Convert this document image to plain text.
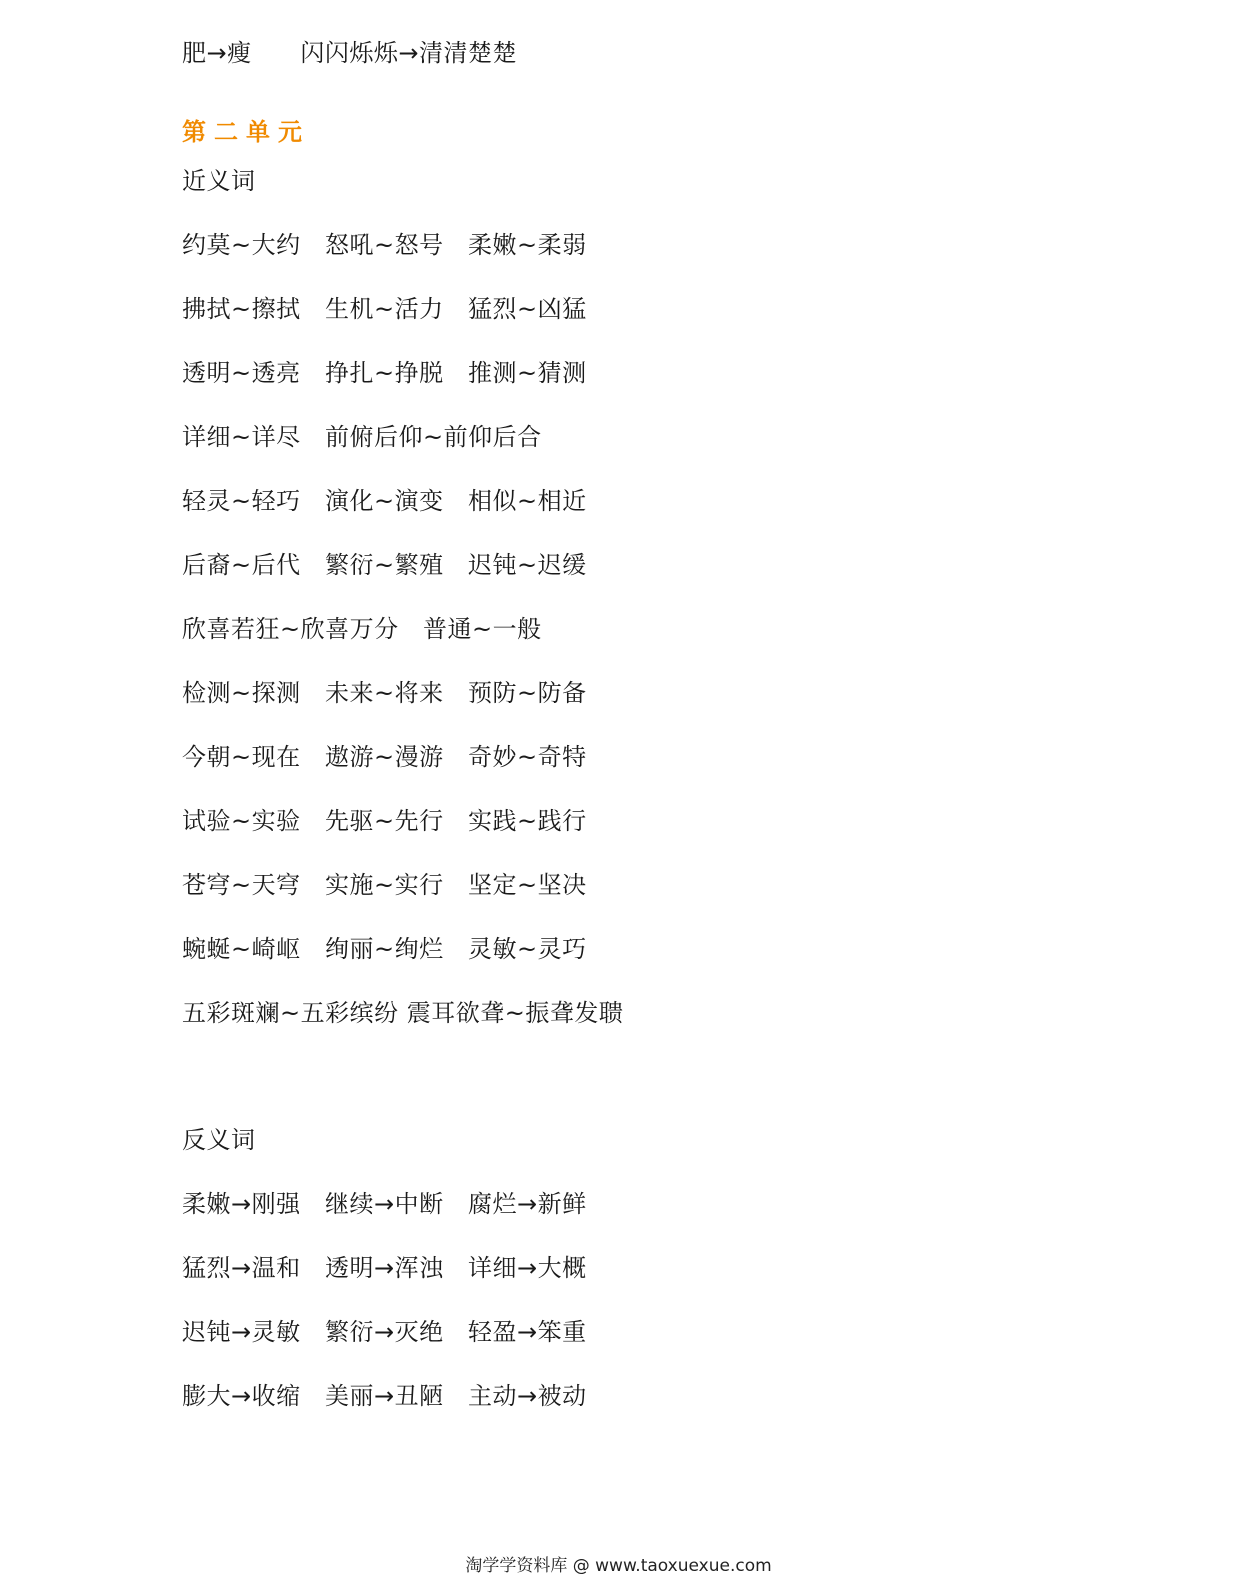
肥→瘦      闪闪烁烁→清清楚楚
第二单元
近义词
约莫~大约   怒吼~怒号   柔嫩~柔弱
拂拭~擦拭   生机~活力   猛烈~凶猛
透明~透亮   挣扎~挣脱   推测~猜测
详细~详尽   前俯后仰~前仰后合
轻灵~轻巧   演化~演变   相似~相近
后裔~后代   繁衍~繁殖   迟钝~迟缓
欣喜若狂~欣喜万分   普通~一般
检测~探测   未来~将来   预防~防备
今朝~现在   遨游~漫游   奇妙~奇特
试验~实验   先驱~先行   实践~践行
苍穹~天穹   实施~实行   坚定~坚决
蜿蜒~崎岖   绚丽~绚烂   灵敏~灵巧
五彩斑斓~五彩缤纷 震耳欲聋~振聋发聩
反义词
柔嫩→刚强   继续→中断   腐烂→新鲜
猛烈→温和   透明→浑浊   详细→大概
迟钝→灵敏   繁衍→灭绝   轻盈→笨重
膨大→收缩   美丽→丑陋   主动→被动
淘学学资料库 @ www.taoxuexue.com
